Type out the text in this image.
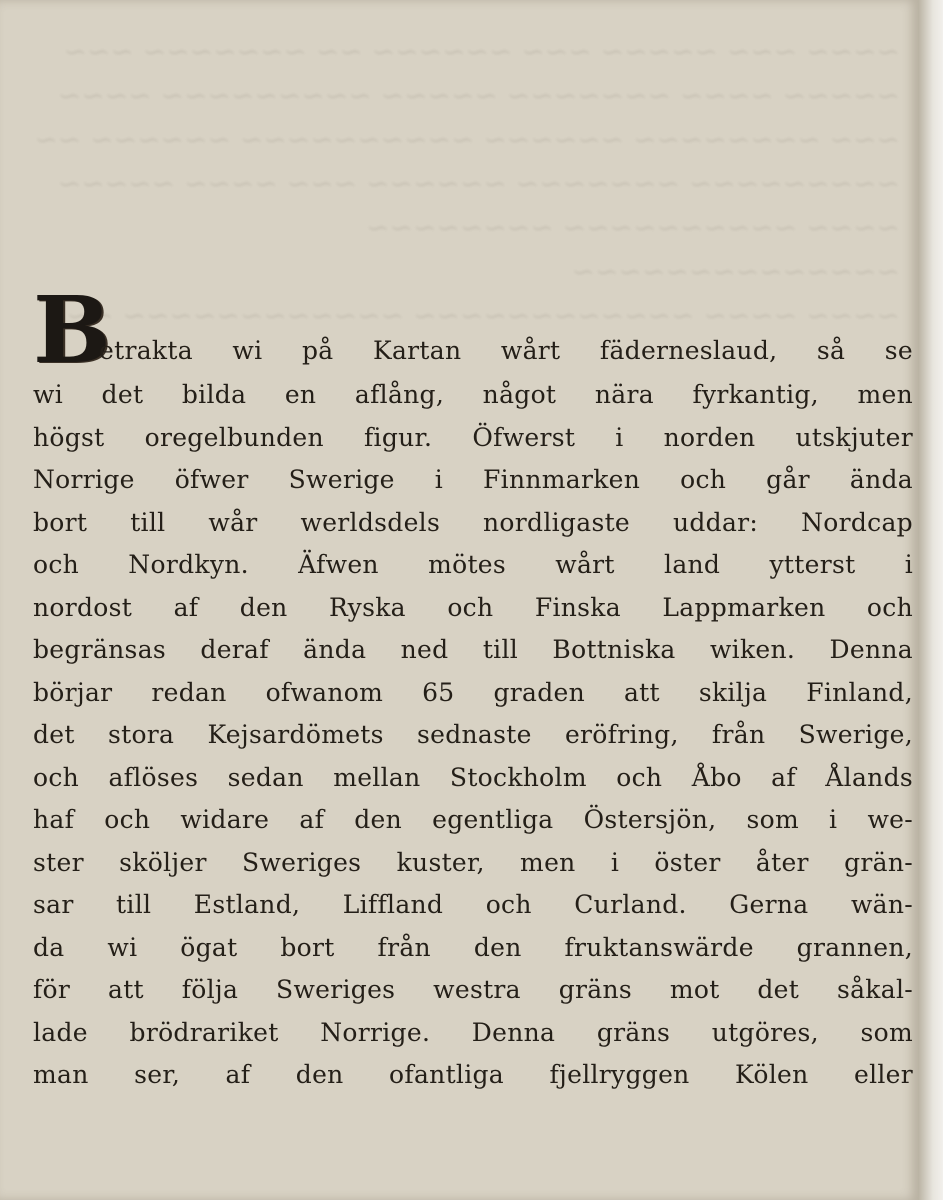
~~~~ ~~~ ~~~~~ ~~~ ~~~~~~ ~~ ~~~~~~~ ~~~
~~~~~ ~~~~ ~~~~~~~ ~~~~~ ~~~~~~~~~ ~~~~
~~~ ~~~~~~~~ ~~~~~~ ~~~~~~~~~~ ~~~~~~ ~~
~~~~~~~~~ ~~~~~~~ ~~~~~~ ~~~ ~~~~ ~~~~~
~~~~ ~~~~~~~~~~ ~~~~~~~~ ~~~~~~~~~~~~~~
~~~~ ~~~~ ~~~~~~~~~~~~ ~~~~~~~~~~~~ ~~~
B
etrakta wi på Kartan wårt fäderneslaud, så se
wi det bilda en aflång, något nära fyrkantig, men
högst oregelbunden figur. Öfwerst i norden utskjuter
Norrige öfwer Swerige i Finnmarken och går ända
bort till wår werldsdels nordligaste uddar: Nordcap
och Nordkyn. Äfwen mötes wårt land ytterst i
nordost af den Ryska och Finska Lappmarken och
begränsas deraf ända ned till Bottniska wiken. Denna
börjar redan ofwanom 65 graden att skilja Finland,
det stora Kejsardömets sednaste eröfring, från Swerige,
och aflöses sedan mellan Stockholm och Åbo af Ålands
haf och widare af den egentliga Östersjön, som i we-
ster sköljer Sweriges kuster, men i öster åter grän-
sar till Estland, Liffland och Curland. Gerna wän-
da wi ögat bort från den fruktanswärde grannen,
för att följa Sweriges westra gräns mot det såkal-
lade brödrariket Norrige. Denna gräns utgöres, som
man ser, af den ofantliga fjellryggen Kölen eller
